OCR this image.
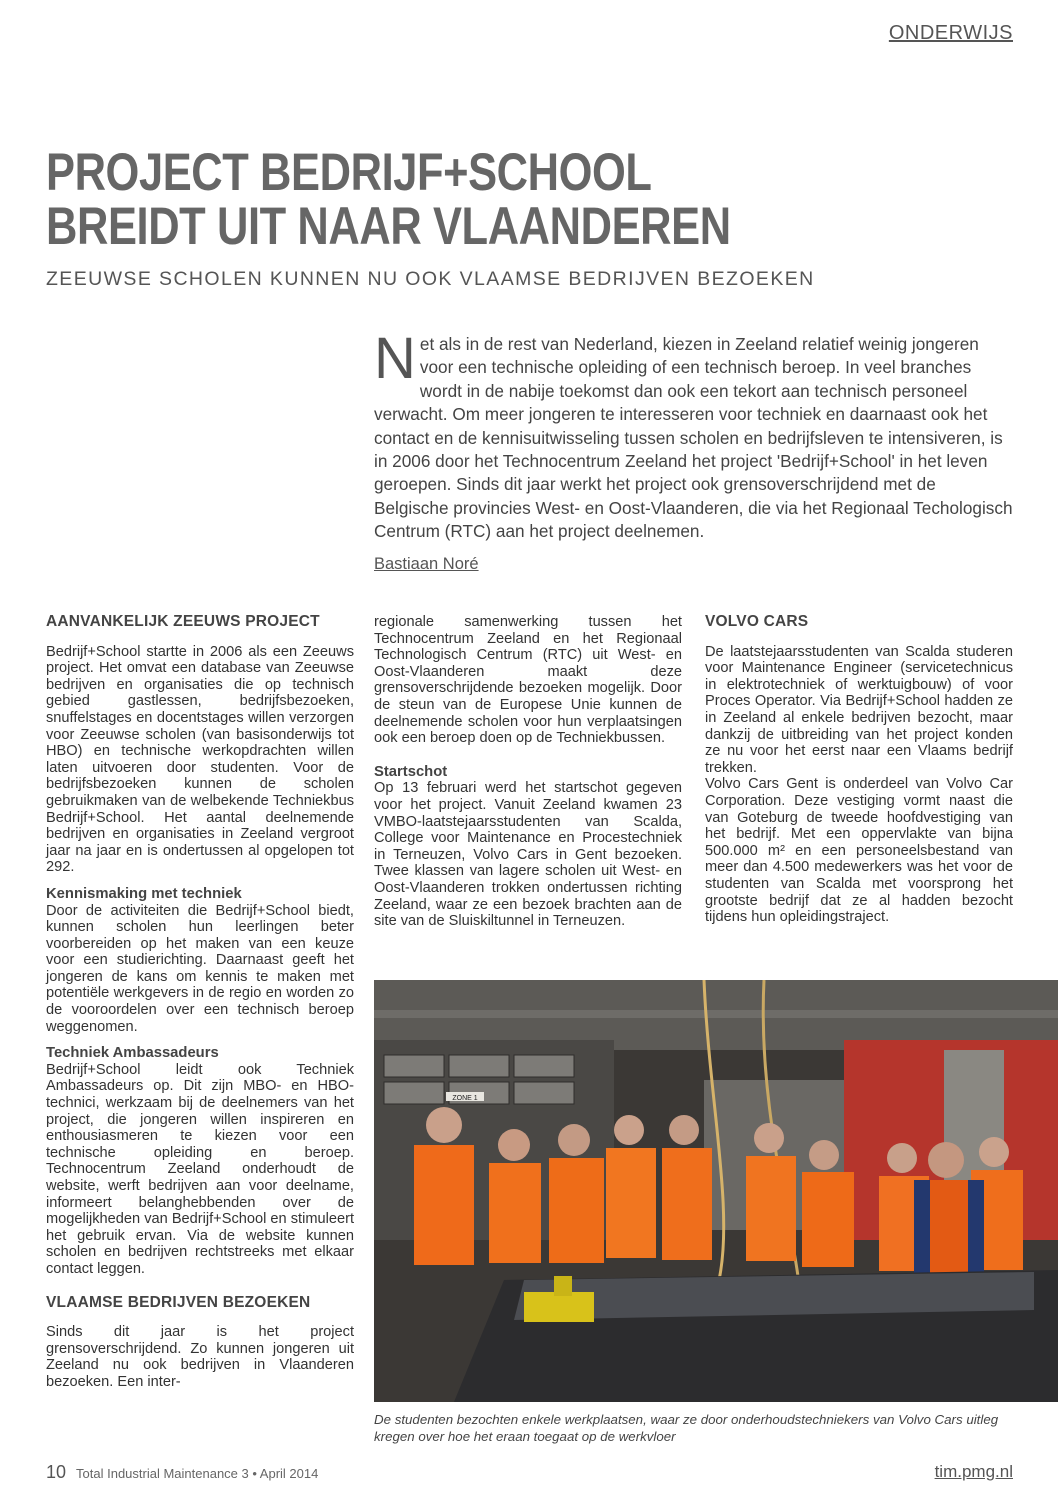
ONDERWIJS
PROJECT BEDRIJF+SCHOOL
BREIDT UIT NAAR VLAANDEREN
ZEEUWSE SCHOLEN KUNNEN NU OOK VLAAMSE BEDRIJVEN BEZOEKEN

Net als in de rest van Nederland, kiezen in Zeeland relatief weinig jongeren voor een technische opleiding of een technisch beroep. In veel branches wordt in de nabije toekomst dan ook een tekort aan technisch personeel verwacht. Om meer jongeren te interesseren voor techniek en daarnaast ook het contact en de kennisuitwisseling tussen scholen en bedrijfsleven te intensiveren, is in 2006 door het Technocentrum Zeeland het project 'Bedrijf+School' in het leven geroepen. Sinds dit jaar werkt het project ook grensoverschrijdend met de Belgische provincies West- en Oost-Vlaanderen, die via het Regionaal Techologisch Centrum (RTC) aan het project deelnemen.

Bastiaan Noré
AANVANKELIJK ZEEUWS PROJECT

Bedrijf+School startte in 2006 als een Zeeuws project. Het omvat een database van Zeeuwse bedrijven en organisaties die op technisch gebied gastlessen, bedrijfsbezoeken, snuffelstages en docentstages willen verzorgen voor Zeeuwse scholen (van basisonderwijs tot HBO) en technische werkopdrachten willen laten uitvoeren door studenten. Voor de bedrijfsbezoeken kunnen de scholen gebruikmaken van de welbekende Techniekbus Bedrijf+School. Het aantal deelnemende bedrijven en organisaties in Zeeland vergroot jaar na jaar en is ondertussen al opgelopen tot 292.

Kennismaking met techniek

Door de activiteiten die Bedrijf+School biedt, kunnen scholen hun leerlingen beter voorbereiden op het maken van een keuze voor een studierichting. Daarnaast geeft het jongeren de kans om kennis te maken met potentiële werkgevers in de regio en worden zo de vooroordelen over een technisch beroep weggenomen.

Techniek Ambassadeurs

Bedrijf+School leidt ook Techniek Ambassadeurs op. Dit zijn MBO- en HBO-technici, werkzaam bij de deelnemers van het project, die jongeren willen inspireren en enthousiasmeren te kiezen voor een technische opleiding en beroep. Technocentrum Zeeland onderhoudt de website, werft bedrijven aan voor deelname, informeert belanghebbenden over de mogelijkheden van Bedrijf+School en stimuleert het gebruik ervan. Via de website kunnen scholen en bedrijven rechtstreeks met elkaar contact leggen.

VLAAMSE BEDRIJVEN BEZOEKEN

Sinds dit jaar is het project grensoverschrijdend. Zo kunnen jongeren uit Zeeland nu ook bedrijven in Vlaanderen bezoeken. Een inter-

regionale samenwerking tussen het Technocentrum Zeeland en het Regionaal Technologisch Centrum (RTC) uit West- en Oost-Vlaanderen maakt deze grensoverschrijdende bezoeken mogelijk. Door de steun van de Europese Unie kunnen de deelnemende scholen voor hun verplaatsingen ook een beroep doen op de Techniekbussen.

Startschot

Op 13 februari werd het startschot gegeven voor het project. Vanuit Zeeland kwamen 23 VMBO-laatstejaarsstudenten van Scalda, College voor Maintenance en Procestechniek in Terneuzen, Volvo Cars in Gent bezoeken. Twee klassen van lagere scholen uit West- en Oost-Vlaanderen trokken ondertussen richting Zeeland, waar ze een bezoek brachten aan de site van de Sluiskiltunnel in Terneuzen.

VOLVO CARS

De laatstejaarsstudenten van Scalda studeren voor Maintenance Engineer (servicetechnicus in elektrotechniek of werktuigbouw) of voor Proces Operator. Via Bedrijf+School hadden ze in Zeeland al enkele bedrijven bezocht, maar dankzij de uitbreiding van het project konden ze nu voor het eerst naar een Vlaams bedrijf trekken.

Volvo Cars Gent is onderdeel van Volvo Car Corporation. Deze vestiging vormt naast die van Goteburg de tweede hoofdvestiging van het bedrijf. Met een oppervlakte van bijna 500.000 m² en een personeelsbestand van meer dan 4.500 medewerkers was het voor de studenten van Scalda met voorsprong het grootste bedrijf dat ze al hadden bezocht tijdens hun opleidingstraject.

ZONE 1

De studenten bezochten enkele werkplaatsen, waar ze door onderhoudstechniekers van Volvo Cars uitleg kregen over hoe het eraan toegaat op de werkvloer

10 Total Industrial Maintenance 3 • April 2014	tim.pmg.nl
